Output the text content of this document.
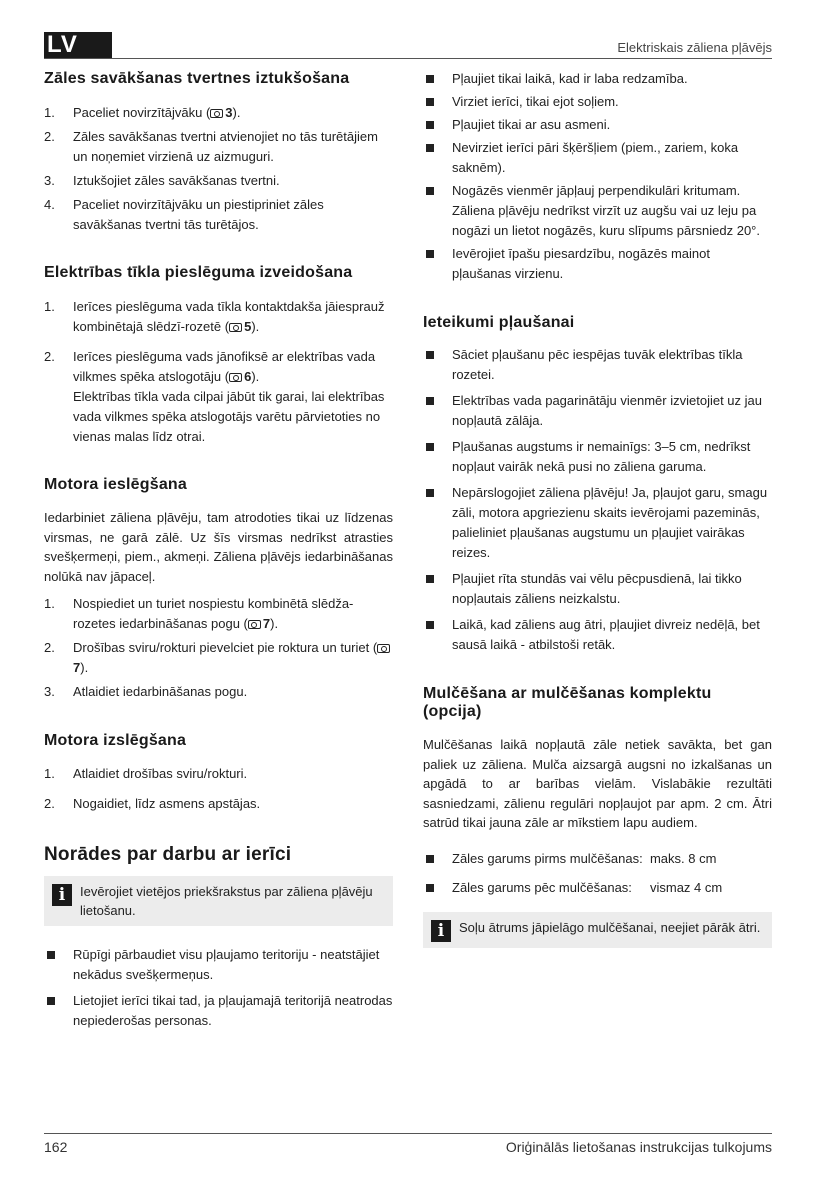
LV	Elektriskais zāliena pļāvējs
Zāles savākšanas tvertnes iztukšošana
1.	Paceliet novirzītājvāku ( 3).
2.	Zāles savākšanas tvertni atvienojiet no tās turētājiem un noņemiet virzienā uz aizmuguri.
3.	Iztukšojiet zāles savākšanas tvertni.
4.	Paceliet novirzītājvāku un piestipriniet zāles savākšanas tvertni tās turētājos.
Elektrības tīkla pieslēguma izveidošana
1.	Ierīces pieslēguma vada tīkla kontaktdakša jāiesprauž kombinētajā slēdzī-rozetē ( 5).
2.	Ierīces pieslēguma vads jānofiksē ar elektrības vada vilkmes spēka atslogotāju ( 6).
Elektrības tīkla vada cilpai jābūt tik garai, lai elektrības vada vilkmes spēka atslogotājs varētu pārvietoties no vienas malas līdz otrai.
Motora ieslēgšana

Iedarbiniet zāliena pļāvēju, tam atrodoties tikai uz līdzenas virsmas, ne garā zālē. Uz šīs virsmas nedrīkst atrasties svešķermeņi, piem., akmeņi. Zāliena pļāvējs iedarbināšanas nolūkā nav jāpaceļ.

1.	Nospiediet un turiet nospiestu kombinētā slēdža-rozetes iedarbināšanas pogu ( 7).
2.	Drošības sviru/rokturi pievelciet pie roktura un turiet (7).
3.	Atlaidiet iedarbināšanas pogu.
Motora izslēgšana
1.	Atlaidiet drošības sviru/rokturi.
2.	Nogaidiet, līdz asmens apstājas.
Norādes par darbu ar ierīci
i	Ievērojiet vietējos priekšrakstus par zāliena pļāvēju lietošanu.
Rūpīgi pārbaudiet visu pļaujamo teritoriju - neatstājiet nekādus svešķermeņus.
Lietojiet ierīci tikai tad, ja pļaujamajā teritorijā neatrodas nepiederošas personas.
Pļaujiet tikai laikā, kad ir laba redzamība.
Virziet ierīci, tikai ejot soļiem.
Pļaujiet tikai ar asu asmeni.
Nevirziet ierīci pāri šķēršļiem (piem., zariem, koka saknēm).
Nogāzēs vienmēr jāpļauj perpendikulāri kritumam. Zāliena pļāvēju nedrīkst virzīt uz augšu vai uz leju pa nogāzi un lietot nogāzēs, kuru slīpums pārsniedz 20°.
Ievērojiet īpašu piesardzību, nogāzēs mainot pļaušanas virzienu.
Ieteikumi pļaušanai
Sāciet pļaušanu pēc iespējas tuvāk elektrības tīkla rozetei.
Elektrības vada pagarinātāju vienmēr izvietojiet uz jau nopļautā zālāja.
Pļaušanas augstums ir nemainīgs: 3–5 cm, nedrīkst nopļaut vairāk nekā pusi no zāliena garuma.
Nepārslogojiet zāliena pļāvēju! Ja, pļaujot garu, smagu zāli, motora apgriezienu skaits ievērojami pazeminās, palieliniet pļaušanas augstumu un pļaujiet vairākas reizes.
Pļaujiet rīta stundās vai vēlu pēcpusdienā, lai tikko nopļautais zāliens neizkalstu.
Laikā, kad zāliens aug ātri, pļaujiet divreiz nedēļā, bet sausā laikā - atbilstoši retāk.
Mulčēšana ar mulčēšanas komplektu (opcija)

Mulčēšanas laikā nopļautā zāle netiek savākta, bet gan paliek uz zāliena. Mulča aizsargā augsni no izkalšanas un apgādā to ar barības vielām. Vislabākie rezultāti sasniedzami, zālienu regulāri nopļaujot par apm. 2 cm. Ātri satrūd tikai jauna zāle ar mīkstiem lapu audiem.

Zāles garums pirms mulčēšanas:  maks. 8 cm
Zāles garums pēc mulčēšanas:     vismaz 4 cm
i	Soļu ātrums jāpielāgo mulčēšanai, neejiet pārāk ātri.
162	Oriģinālās lietošanas instrukcijas tulkojums
